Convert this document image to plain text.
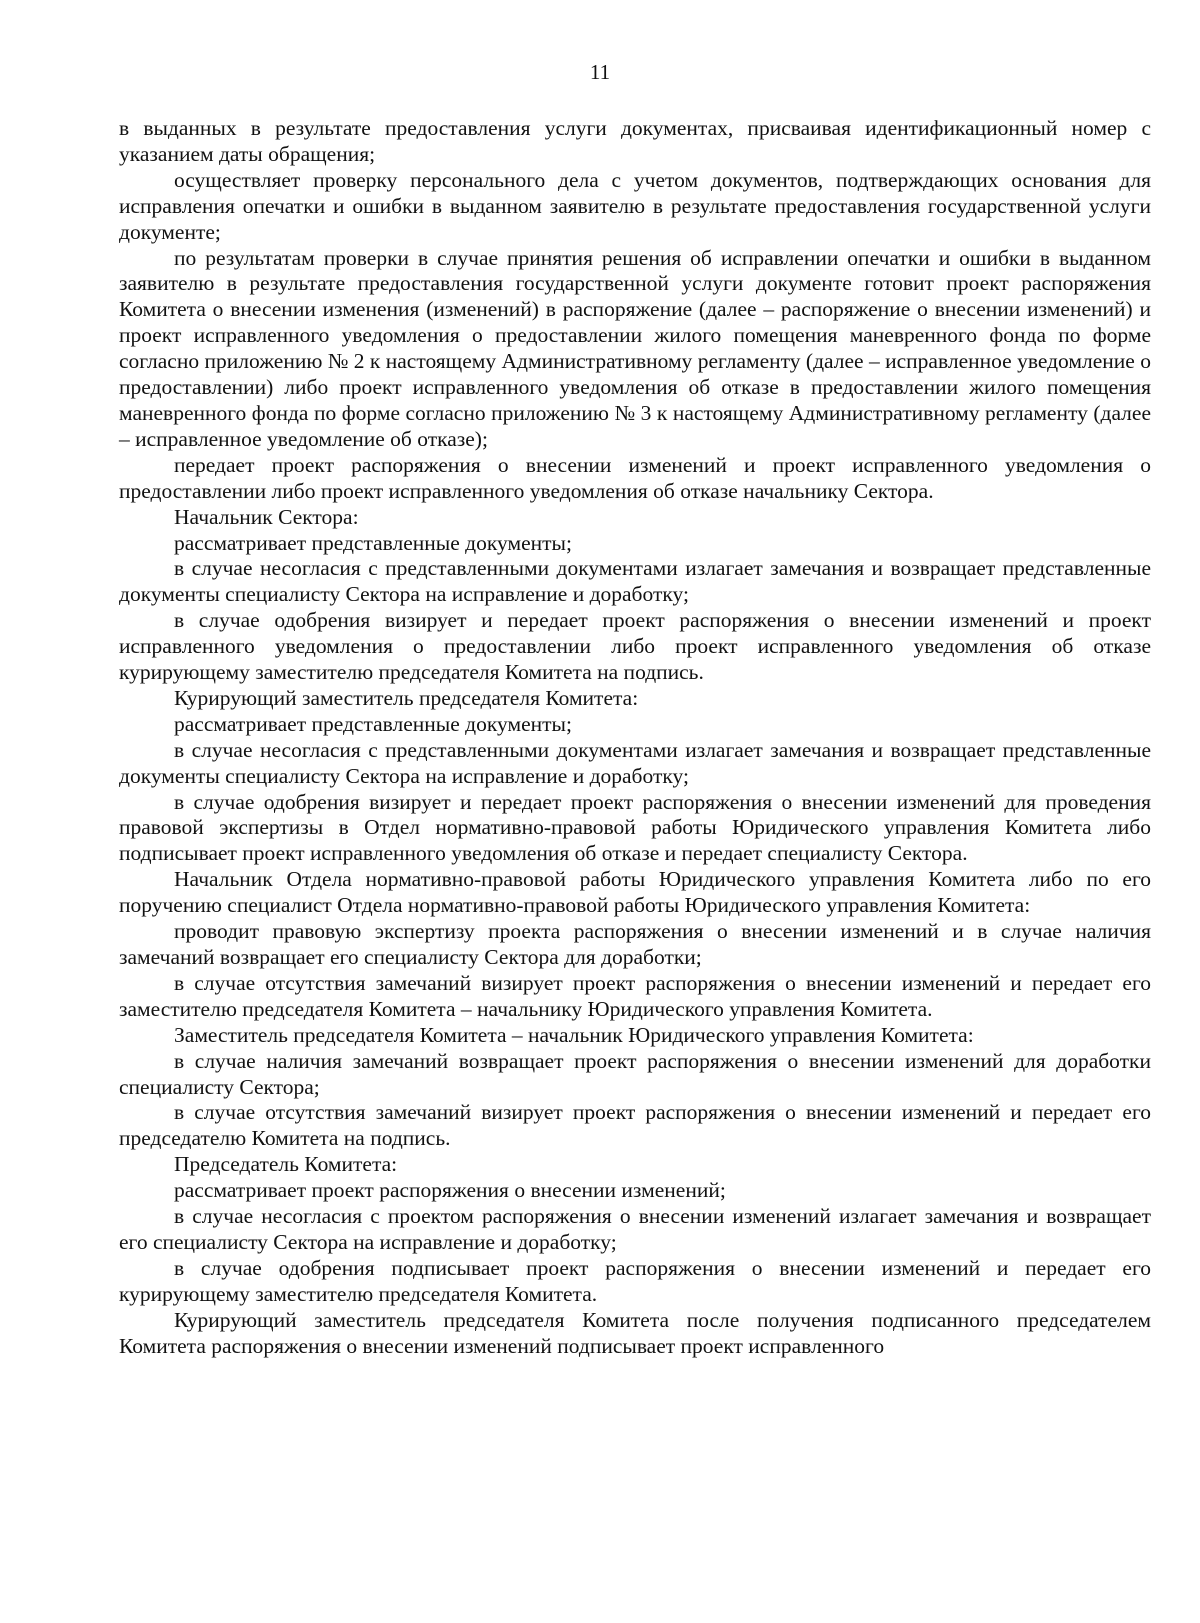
11

в выданных в результате предоставления услуги документах, присваивая идентификационный номер с указанием даты обращения;

осуществляет проверку персонального дела с учетом документов, подтверждающих основания для исправления опечатки и ошибки в выданном заявителю в результате предоставления государственной услуги документе;

по результатам проверки в случае принятия решения об исправлении опечатки и ошибки в выданном заявителю в результате предоставления государственной услуги документе готовит проект распоряжения Комитета о внесении изменения (изменений) в распоряжение (далее – распоряжение о внесении изменений) и проект исправленного уведомления о предоставлении жилого помещения маневренного фонда по форме согласно приложению № 2 к настоящему Административному регламенту (далее – исправленное уведомление о предоставлении) либо проект исправленного уведомления об отказе в предоставлении жилого помещения маневренного фонда по форме согласно приложению № 3 к настоящему Административному регламенту (далее – исправленное уведомление об отказе);

передает проект распоряжения о внесении изменений и проект исправленного уведомления о предоставлении либо проект исправленного уведомления об отказе начальнику Сектора.

Начальник Сектора:

рассматривает представленные документы;

в случае несогласия с представленными документами излагает замечания и возвращает представленные документы специалисту Сектора на исправление и доработку;

в случае одобрения визирует и передает проект распоряжения о внесении изменений и проект исправленного уведомления о предоставлении либо проект исправленного уведомления об отказе курирующему заместителю председателя Комитета на подпись.

Курирующий заместитель председателя Комитета:

рассматривает представленные документы;

в случае несогласия с представленными документами излагает замечания и возвращает представленные документы специалисту Сектора на исправление и доработку;

в случае одобрения визирует и передает проект распоряжения о внесении изменений для проведения правовой экспертизы в Отдел нормативно-правовой работы Юридического управления Комитета либо подписывает проект исправленного уведомления об отказе и передает специалисту Сектора.

Начальник Отдела нормативно-правовой работы Юридического управления Комитета либо по его поручению специалист Отдела нормативно-правовой работы Юридического управления Комитета:

проводит правовую экспертизу проекта распоряжения о внесении изменений и в случае наличия замечаний возвращает его специалисту Сектора для доработки;

в случае отсутствия замечаний визирует проект распоряжения о внесении изменений и передает его заместителю председателя Комитета – начальнику Юридического управления Комитета.

Заместитель председателя Комитета – начальник Юридического управления Комитета:

в случае наличия замечаний возвращает проект распоряжения о внесении изменений для доработки специалисту Сектора;

в случае отсутствия замечаний визирует проект распоряжения о внесении изменений и передает его председателю Комитета на подпись.

Председатель Комитета:

рассматривает проект распоряжения о внесении изменений;

в случае несогласия с проектом распоряжения о внесении изменений излагает замечания и возвращает его специалисту Сектора на исправление и доработку;

в случае одобрения подписывает проект распоряжения о внесении изменений и передает его курирующему заместителю председателя Комитета.

Курирующий заместитель председателя Комитета после получения подписанного председателем Комитета распоряжения о внесении изменений подписывает проект исправленного
